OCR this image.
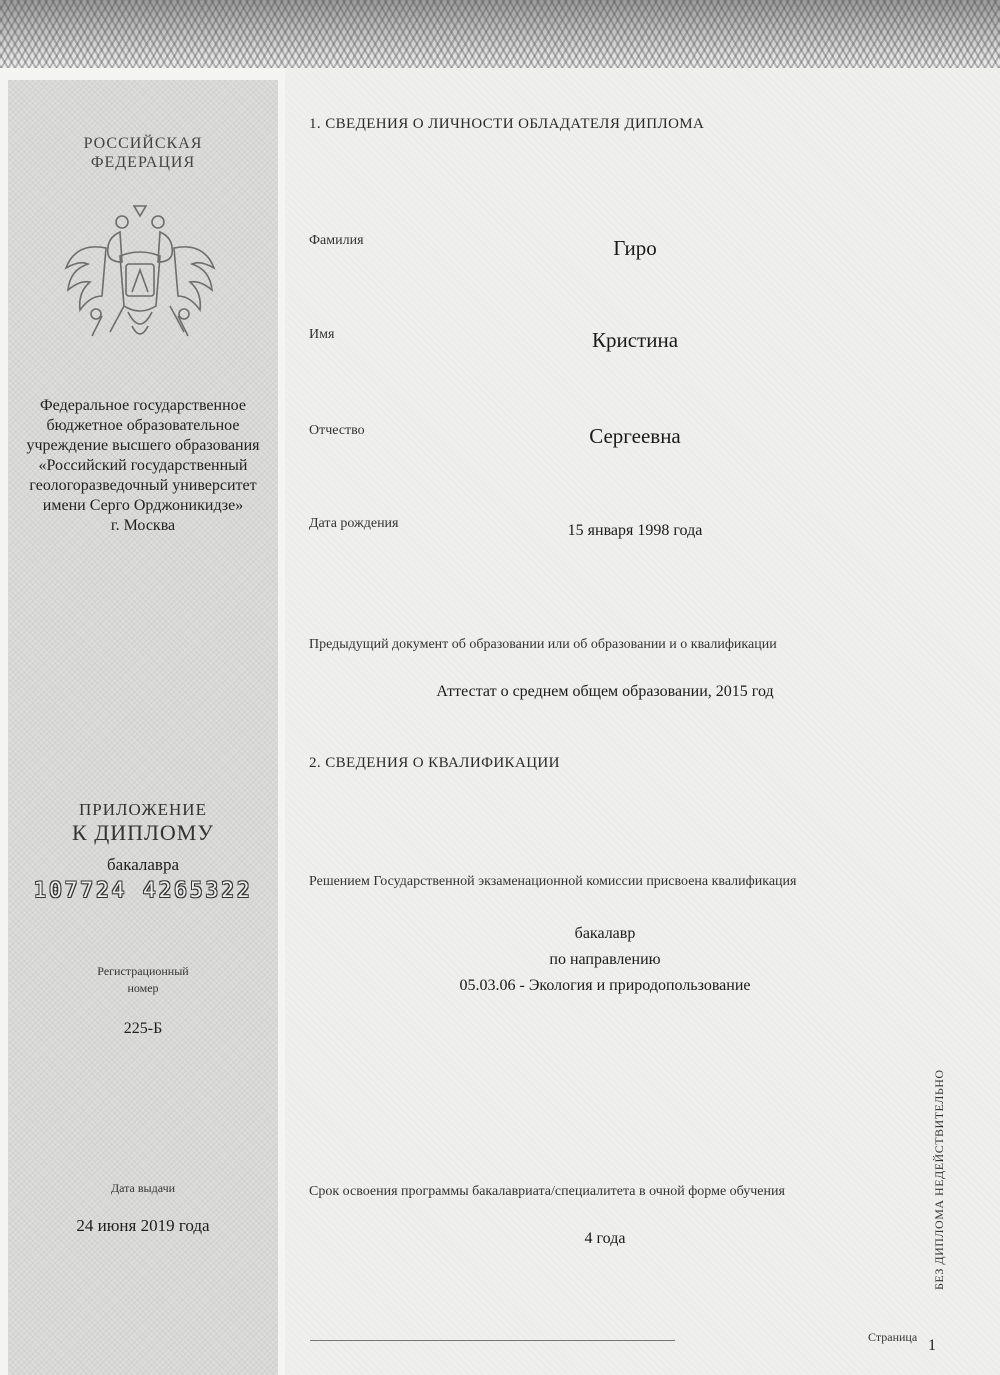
РОССИЙСКАЯ
ФЕДЕРАЦИЯ
Федеральное государственное
бюджетное образовательное
учреждение высшего образования
«Российский государственный
геологоразведочный университет
имени Серго Орджоникидзе»
г. Москва
ПРИЛОЖЕНИЕ
К ДИПЛОМУ
бакалавра
107724 4265322
Регистрационный
номер
225-Б
Дата выдачи
24 июня 2019 года
1. СВЕДЕНИЯ О ЛИЧНОСТИ ОБЛАДАТЕЛЯ ДИПЛОМА
Фамилия	Гиро
Имя	Кристина
Отчество	Сергеевна
Дата рождения	15 января 1998 года
Предыдущий документ об образовании или об образовании и о квалификации
Аттестат о среднем общем образовании, 2015 год
2. СВЕДЕНИЯ О КВАЛИФИКАЦИИ
Решением Государственной экзаменационной комиссии присвоена квалификация
бакалавр
по направлению
05.03.06 - Экология и природопользование
Срок освоения программы бакалавриата/специалитета в очной форме обучения
4 года	БЕЗ ДИПЛОМА НЕДЕЙСТВИТЕЛЬНО
Страница 1
